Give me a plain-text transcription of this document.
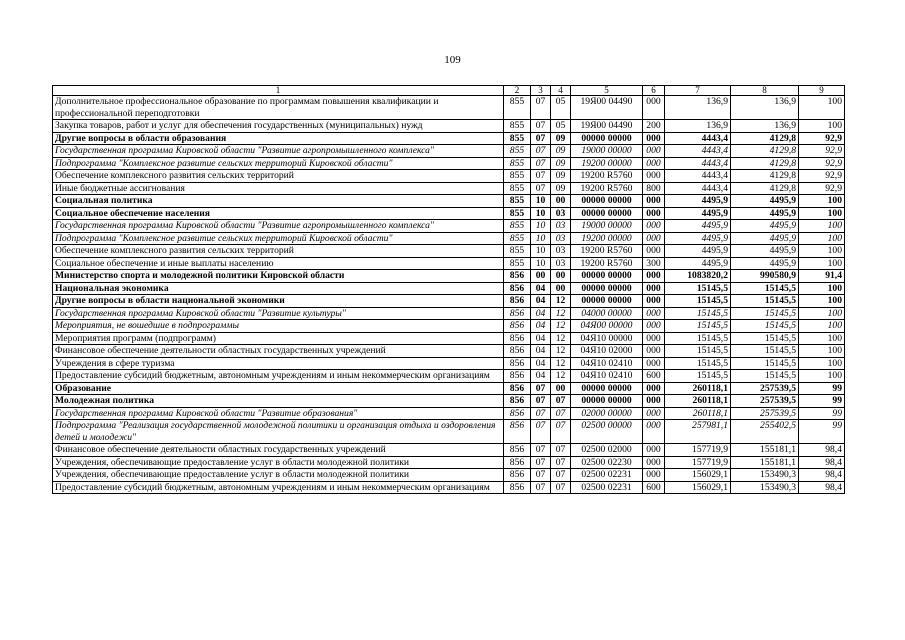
109
1	2	3	4	5	6	7	8	9
Дополнительное профессиональное образование по программам повышения квалификации и профессиональной переподготовки	855	07	05	19Я00 04490	000	136,9	136,9	100
Закупка товаров, работ и услуг для обеспечения государственных (муниципальных) нужд	855	07	05	19Я00 04490	200	136,9	136,9	100
Другие вопросы в области образования	855	07	09	00000 00000	000	4443,4	4129,8	92,9
Государственная программа Кировской области "Развитие агропромышленного комплекса"	855	07	09	19000 00000	000	4443,4	4129,8	92,9
Подпрограмма "Комплексное развитие сельских территорий Кировской области"	855	07	09	19200 00000	000	4443,4	4129,8	92,9
Обеспечение комплексного развития сельских территорий	855	07	09	19200 R5760	000	4443,4	4129,8	92,9
Иные бюджетные ассигнования	855	07	09	19200 R5760	800	4443,4	4129,8	92,9
Социальная политика	855	10	00	00000 00000	000	4495,9	4495,9	100
Социальное обеспечение населения	855	10	03	00000 00000	000	4495,9	4495,9	100
Государственная программа Кировской области "Развитие агропромышленного комплекса"	855	10	03	19000 00000	000	4495,9	4495,9	100
Подпрограмма "Комплексное развитие сельских территорий Кировской области"	855	10	03	19200 00000	000	4495,9	4495,9	100
Обеспечение комплексного развития сельских территорий	855	10	03	19200 R5760	000	4495,9	4495,9	100
Социальное обеспечение и иные выплаты населению	855	10	03	19200 R5760	300	4495,9	4495,9	100
Министерство спорта и молодежной политики Кировской области	856	00	00	00000 00000	000	1083820,2	990580,9	91,4
Национальная экономика	856	04	00	00000 00000	000	15145,5	15145,5	100
Другие вопросы в области национальной экономики	856	04	12	00000 00000	000	15145,5	15145,5	100
Государственная программа Кировской области "Развитие культуры"	856	04	12	04000 00000	000	15145,5	15145,5	100
Мероприятия, не вошедшие в подпрограммы	856	04	12	04Я00 00000	000	15145,5	15145,5	100
Мероприятия программ (подпрограмм)	856	04	12	04Я10 00000	000	15145,5	15145,5	100
Финансовое обеспечение деятельности областных государственных учреждений	856	04	12	04Я10 02000	000	15145,5	15145,5	100
Учреждения в сфере туризма	856	04	12	04Я10 02410	000	15145,5	15145,5	100
Предоставление субсидий бюджетным, автономным учреждениям и иным некоммерческим организациям	856	04	12	04Я10 02410	600	15145,5	15145,5	100
Образование	856	07	00	00000 00000	000	260118,1	257539,5	99
Молодежная политика	856	07	07	00000 00000	000	260118,1	257539,5	99
Государственная программа Кировской области "Развитие образования"	856	07	07	02000 00000	000	260118,1	257539,5	99
Подпрограмма "Реализация государственной молодежной политики и организация отдыха и оздоровления детей и молодежи"	856	07	07	02500 00000	000	257981,1	255402,5	99
Финансовое обеспечение деятельности областных государственных учреждений	856	07	07	02500 02000	000	157719,9	155181,1	98,4
Учреждения, обеспечивающие предоставление услуг в области молодежной политики	856	07	07	02500 02230	000	157719,9	155181,1	98,4
Учреждения, обеспечивающие предоставление услуг в области молодежной политики	856	07	07	02500 02231	000	156029,1	153490,3	98,4
Предоставление субсидий бюджетным, автономным учреждениям и иным некоммерческим организациям	856	07	07	02500 02231	600	156029,1	153490,3	98,4
